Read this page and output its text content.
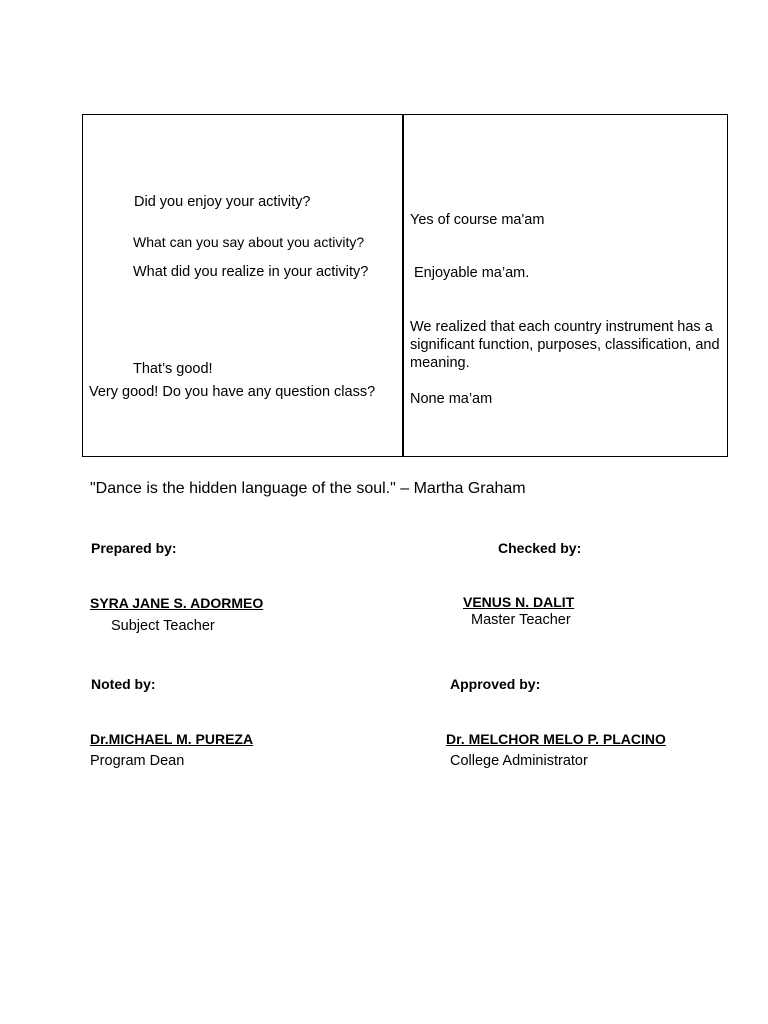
Did you enjoy your activity?
What can you say about you activity?
What did you realize in your activity?
That’s good!
Very good! Do you have any question class?
Yes of course ma'am
Enjoyable ma’am.
We realized that each country instrument has a significant function, purposes, classification, and meaning.
None ma’am
"Dance is the hidden language of the soul." – Martha Graham
Prepared by:	Checked by:
SYRA JANE S. ADORMEO
Subject Teacher
VENUS N. DALIT
Master Teacher
Noted by:	Approved by:
Dr.MICHAEL M. PUREZA
Program Dean
Dr. MELCHOR MELO P. PLACINO
College Administrator
